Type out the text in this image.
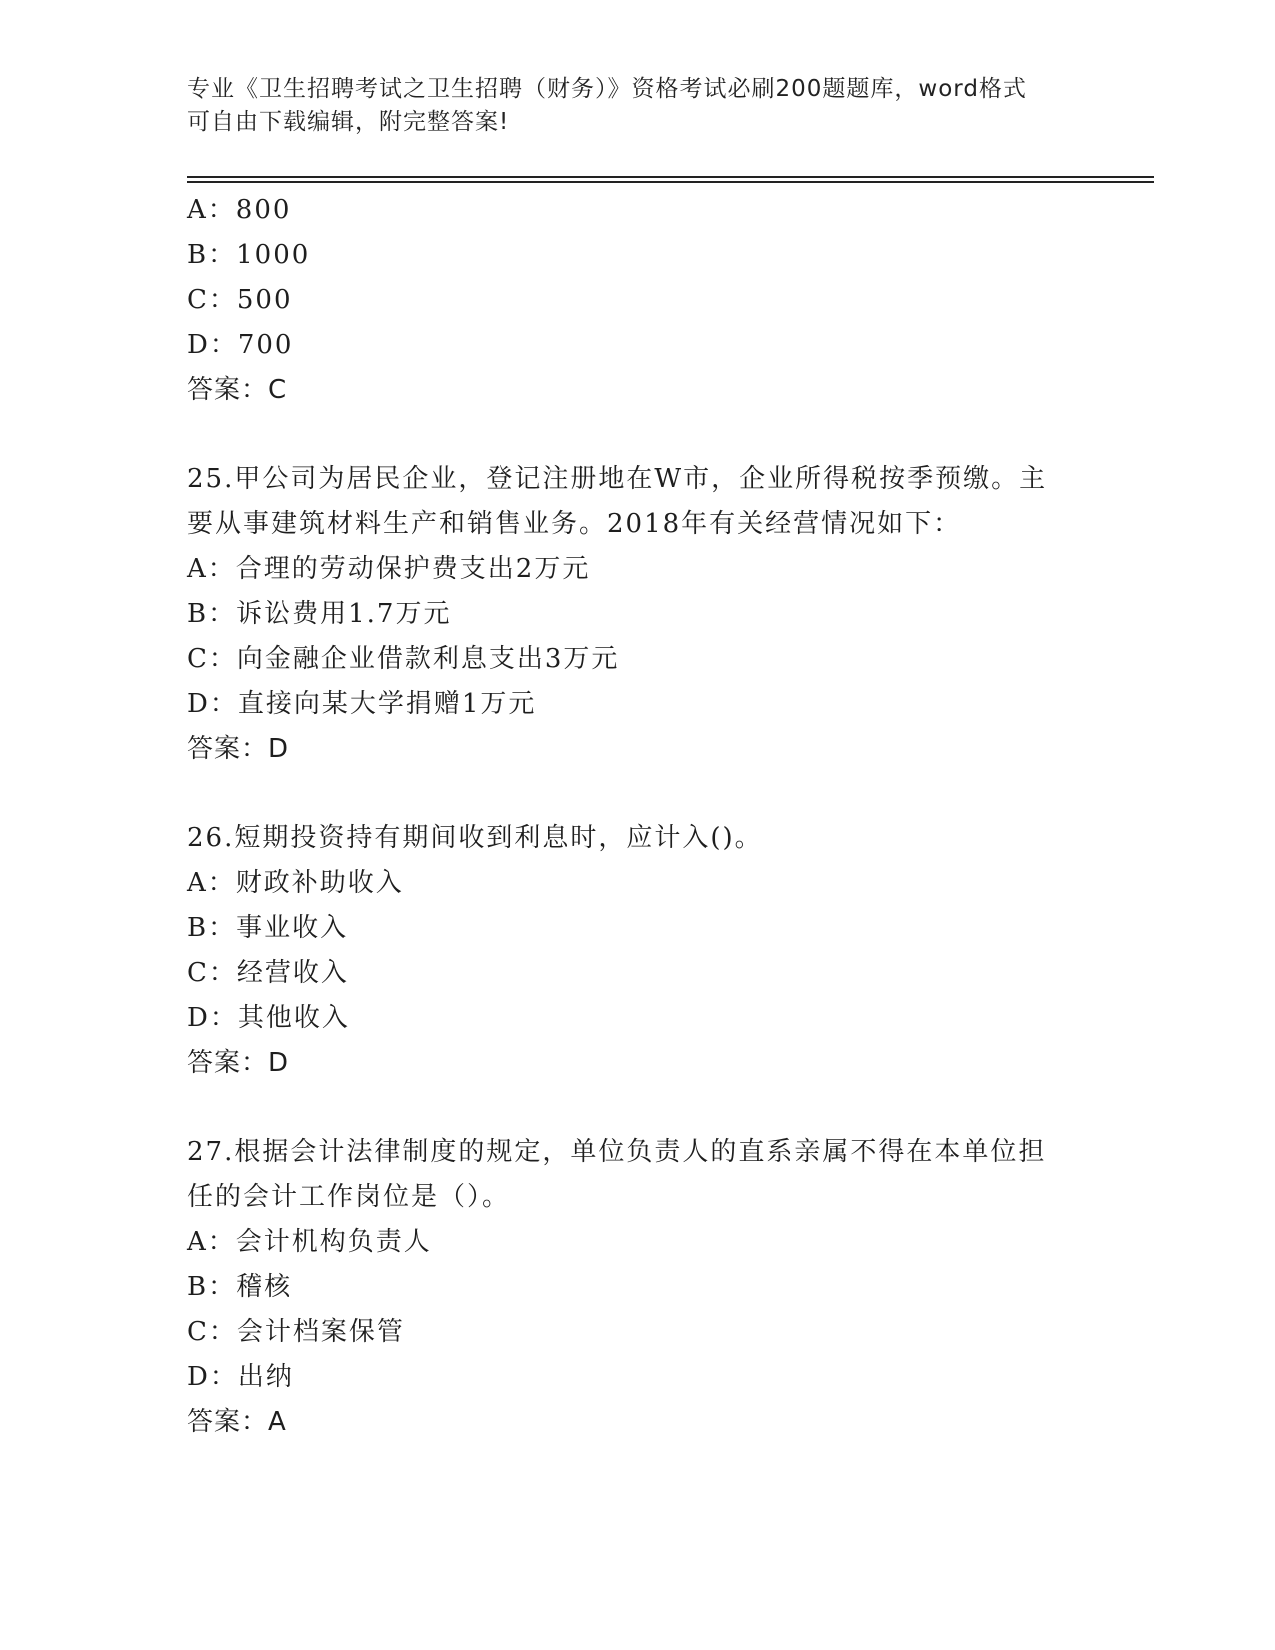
专业《卫生招聘考试之卫生招聘（财务）》资格考试必刷200题题库，word格式
可自由下载编辑，附完整答案!
A：800
B：1000
C：500
D：700
答案：C
25.甲公司为居民企业，登记注册地在W市，企业所得税按季预缴。主
要从事建筑材料生产和销售业务。2018年有关经营情况如下：
A：合理的劳动保护费支出2万元
B：诉讼费用1.7万元
C：向金融企业借款利息支出3万元
D：直接向某大学捐赠1万元
答案：D
26.短期投资持有期间收到利息时，应计入()。
A：财政补助收入
B：事业收入
C：经营收入
D：其他收入
答案：D
27.根据会计法律制度的规定，单位负责人的直系亲属不得在本单位担
任的会计工作岗位是（）。
A：会计机构负责人
B：稽核
C：会计档案保管
D：出纳
答案：A
